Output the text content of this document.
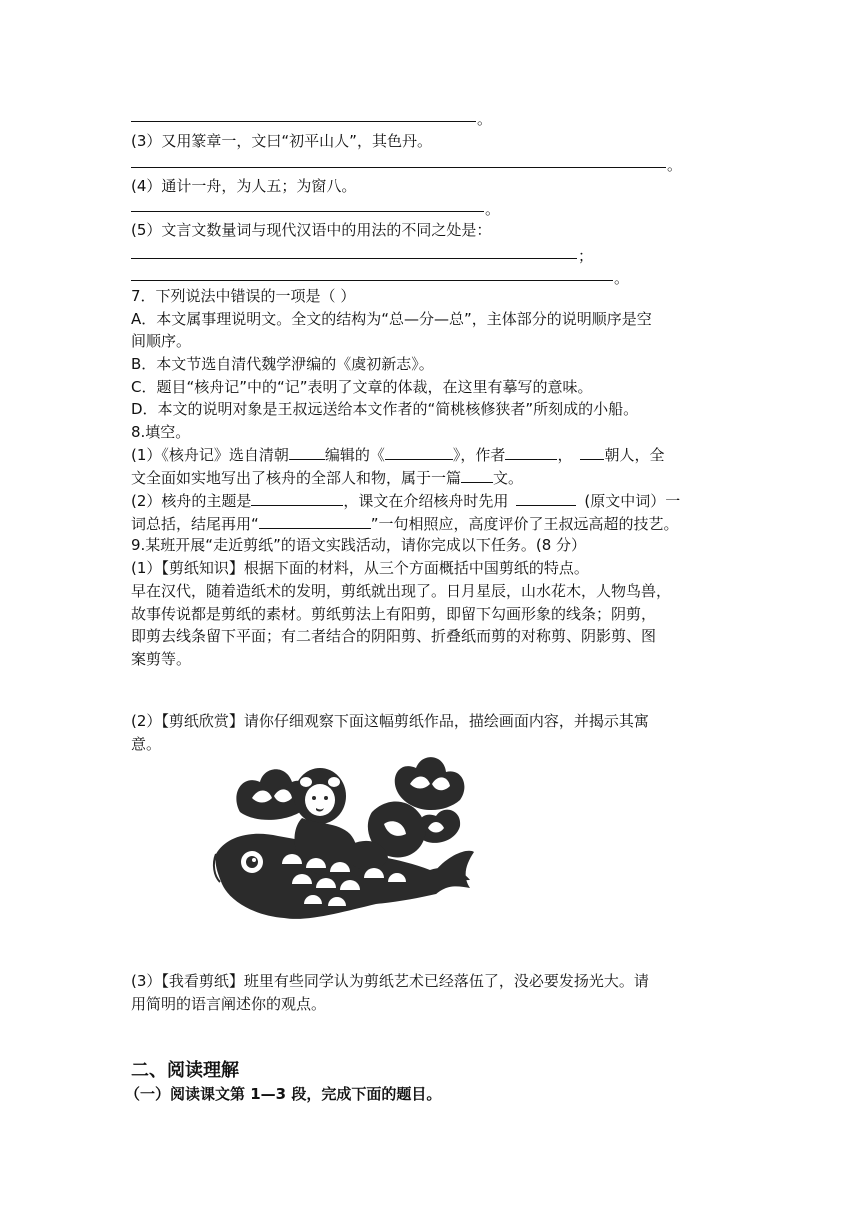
。
(3）又用篆章一，文曰“初平山人”，其色丹。
。
(4）通计一舟，为人五；为窗八。
。
(5）文言文数量词与现代汉语中的用法的不同之处是：
；
。
7．下列说法中错误的一项是（ ）
A．本文属事理说明文。全文的结构为“总—分—总”，主体部分的说明顺序是空
间顺序。
B．本文节选自清代魏学洢编的《虞初新志》。
C．题目“核舟记”中的“记”表明了文章的体裁，在这里有摹写的意味。
D．本文的说明对象是王叔远送给本文作者的“简桃核修狭者”所刻成的小船。
8.填空。
(1）《核舟记》选自清朝 编辑的《	》，作者	， 朝人，全
文全面如实地写出了核舟的全部人和物，属于一篇 文。
(2）核舟的主题是	，课文在介绍核舟时先用	(原文中词）一
词总括，结尾再用“	”一句相照应，高度评价了王叔远高超的技艺。
9.某班开展“走近剪纸”的语文实践活动，请你完成以下任务。(8 分）
(1）【剪纸知识】根据下面的材料，从三个方面概括中国剪纸的特点。
早在汉代，随着造纸术的发明，剪纸就出现了。日月星辰，山水花木，人物鸟兽，
故事传说都是剪纸的素材。剪纸剪法上有阳剪，即留下勾画形象的线条；阴剪，
即剪去线条留下平面；有二者结合的阴阳剪、折叠纸而剪的对称剪、阴影剪、图
案剪等。
(2）【剪纸欣赏】请你仔细观察下面这幅剪纸作品，描绘画面内容，并揭示其寓
意。
(3）【我看剪纸】班里有些同学认为剪纸艺术已经落伍了，没必要发扬光大。请
用简明的语言阐述你的观点。
二、阅读理解
（一）阅读课文第 1—3 段，完成下面的题目。
